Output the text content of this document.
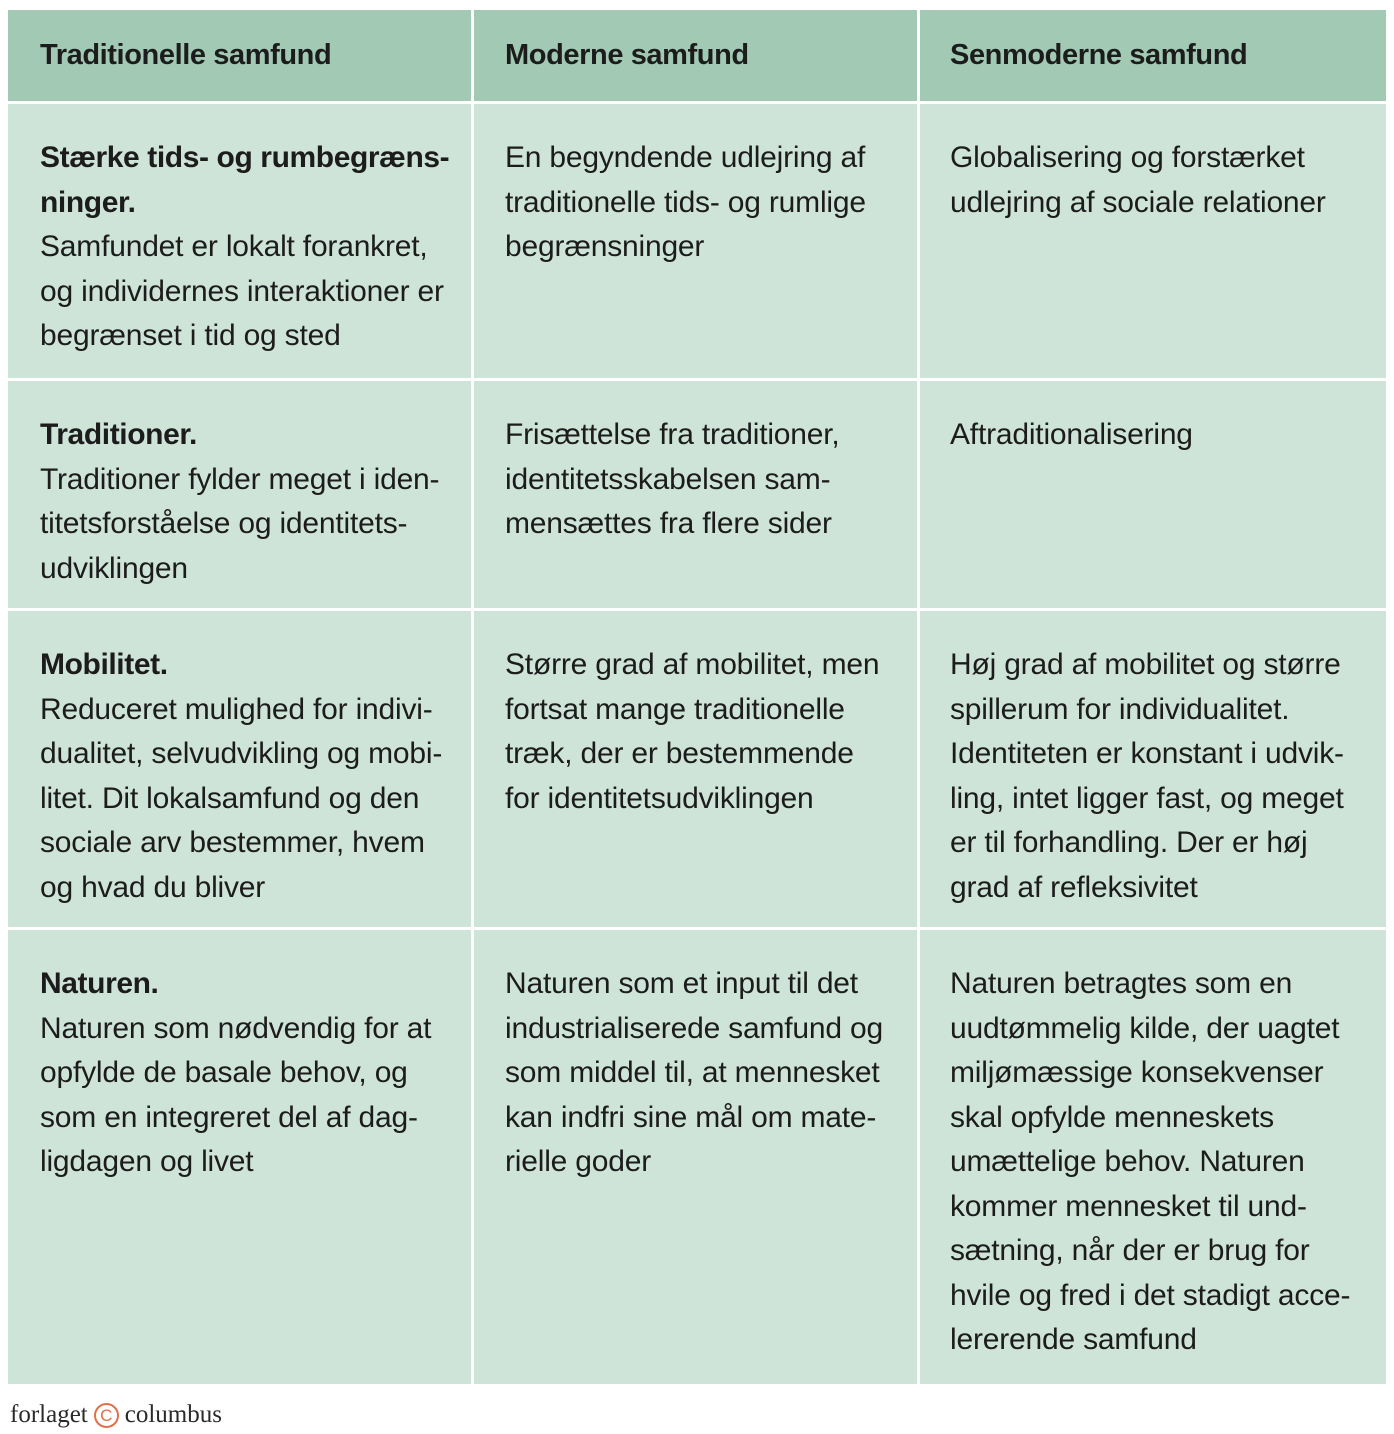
Traditionelle samfund	Moderne samfund	Senmoderne samfund
Stærke tids- og rumbegræns-
ninger.
Samfundet er lokalt forankret,
og individernes interaktioner er
begrænset i tid og sted
En begyndende udlejring af
traditionelle tids- og rumlige
begrænsninger
Globalisering og forstærket
udlejring af sociale relationer
Traditioner.
Traditioner fylder meget i iden-
titetsforståelse og identitets-
udviklingen
Frisættelse fra traditioner,
identitetsskabelsen sam-
mensættes fra flere sider
Aftraditionalisering
Mobilitet.
Reduceret mulighed for indivi-
dualitet, selvudvikling og mobi-
litet. Dit lokalsamfund og den
sociale arv bestemmer, hvem
og hvad du bliver
Større grad af mobilitet, men
fortsat mange traditionelle
træk, der er bestemmende
for identitetsudviklingen
Høj grad af mobilitet og større
spillerum for individualitet.
Identiteten er konstant i udvik-
ling, intet ligger fast, og meget
er til forhandling. Der er høj
grad af refleksivitet
Naturen.
Naturen som nødvendig for at
opfylde de basale behov, og
som en integreret del af dag-
ligdagen og livet
Naturen som et input til det
industrialiserede samfund og
som middel til, at mennesket
kan indfri sine mål om mate-
rielle goder
Naturen betragtes som en
uudtømmelig kilde, der uagtet
miljømæssige konsekvenser
skal opfylde menneskets
umættelige behov. Naturen
kommer mennesket til und-
sætning, når der er brug for
hvile og fred i det stadigt acce-
lererende samfund
forlaget C columbus
